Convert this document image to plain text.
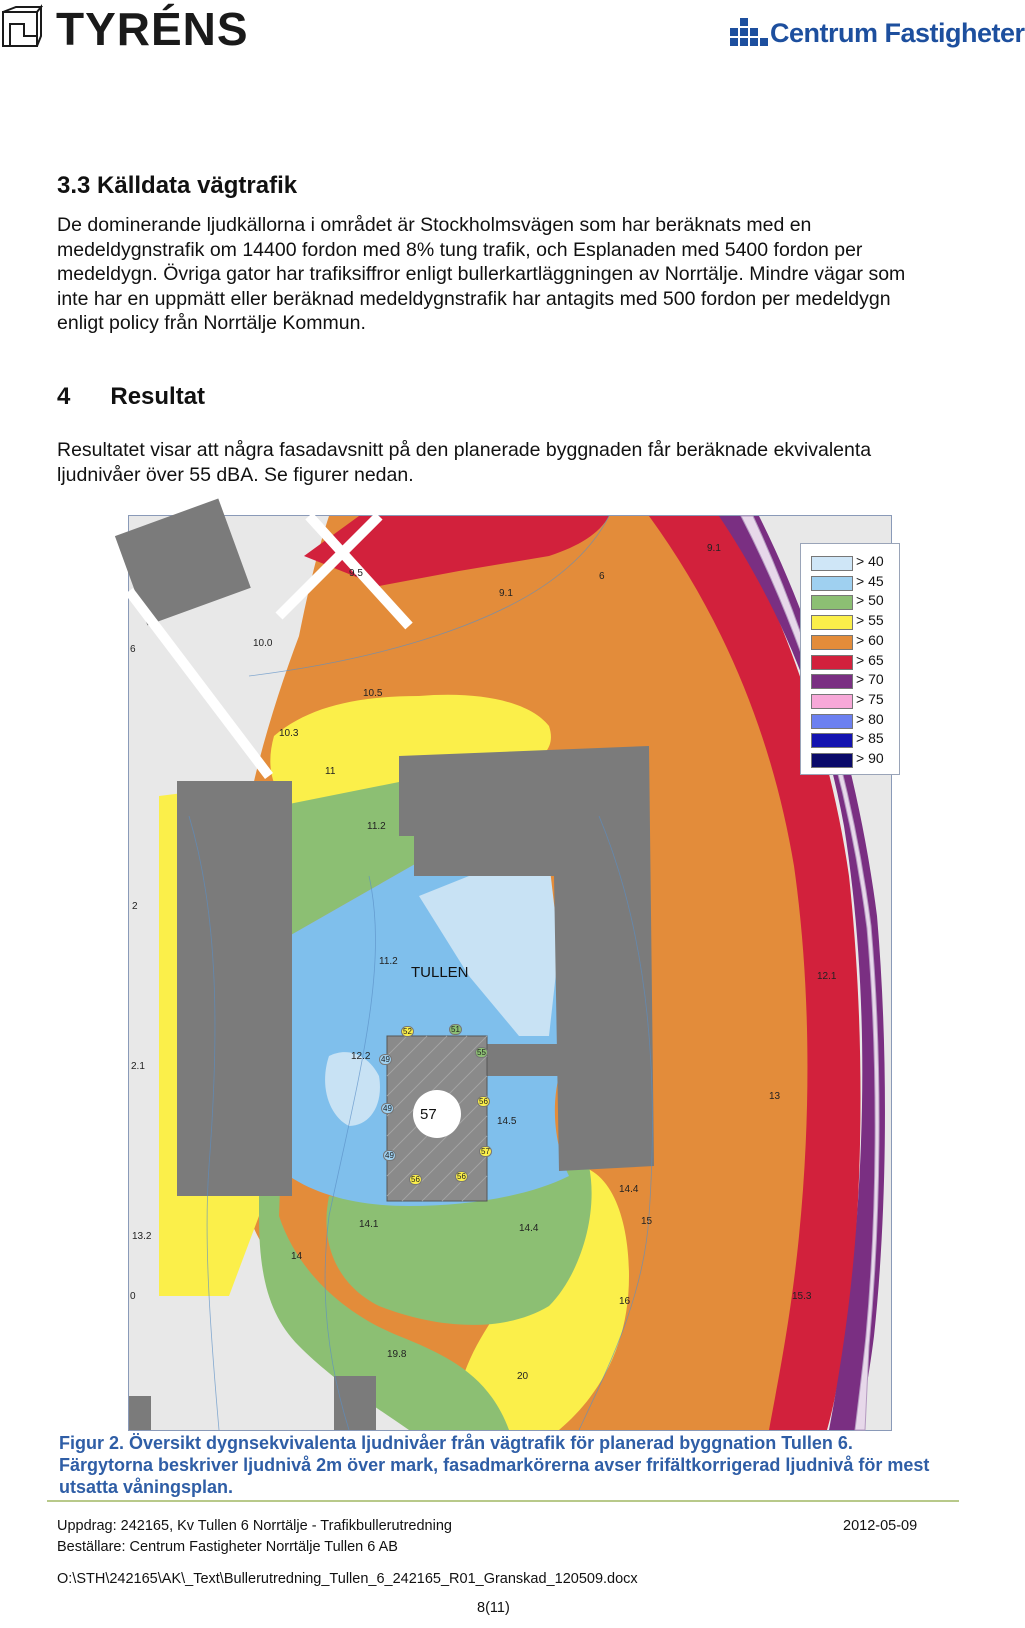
TYRÉNS	Centrum Fastigheter
3.3 Källdata vägtrafik
De dominerande ljudkällorna i området är Stockholmsvägen som har beräknats med en medeldygnstrafik om 14400 fordon med 8% tung trafik, och Esplanaden med 5400 fordon per medeldygn. Övriga gator har trafiksiffror enligt bullerkartläggningen av Norrtälje. Mindre vägar som inte har en uppmätt eller beräknad medeldygnstrafik har antagits med 500 fordon per medeldygn enligt policy från Norrtälje Kommun.
4 Resultat
Resultatet visar att några fasadavsnitt på den planerade byggnaden får beräknade ekvivalenta ljudnivåer över 55 dBA. Se figurer nedan.
TULLEN
57
9.5
9.1
6
9.1
10.0
10.5
10.3
11
11.2
11.2
12.2
14.5
14.1
14.4
14.4
15
13
12.1
13.2
14
16	15.3
19.8
20
2
2.1
6
0
52	51
55
49
49
56
57
56	56
49
> 40
> 45
> 50
> 55
> 60
> 65
> 70
> 75
> 80
> 85
> 90
Figur 2. Översikt dygnsekvivalenta ljudnivåer från vägtrafik för planerad byggnation Tullen 6. Färgytorna beskriver ljudnivå 2m över mark, fasadmarkörerna avser frifältkorrigerad ljudnivå för mest utsatta våningsplan.
Uppdrag: 242165, Kv Tullen 6 Norrtälje - Trafikbullerutredning	2012-05-09
Beställare: Centrum Fastigheter Norrtälje Tullen 6 AB
O:\STH\242165\AK\_Text\Bullerutredning_Tullen_6_242165_R01_Granskad_120509.docx
8(11)
